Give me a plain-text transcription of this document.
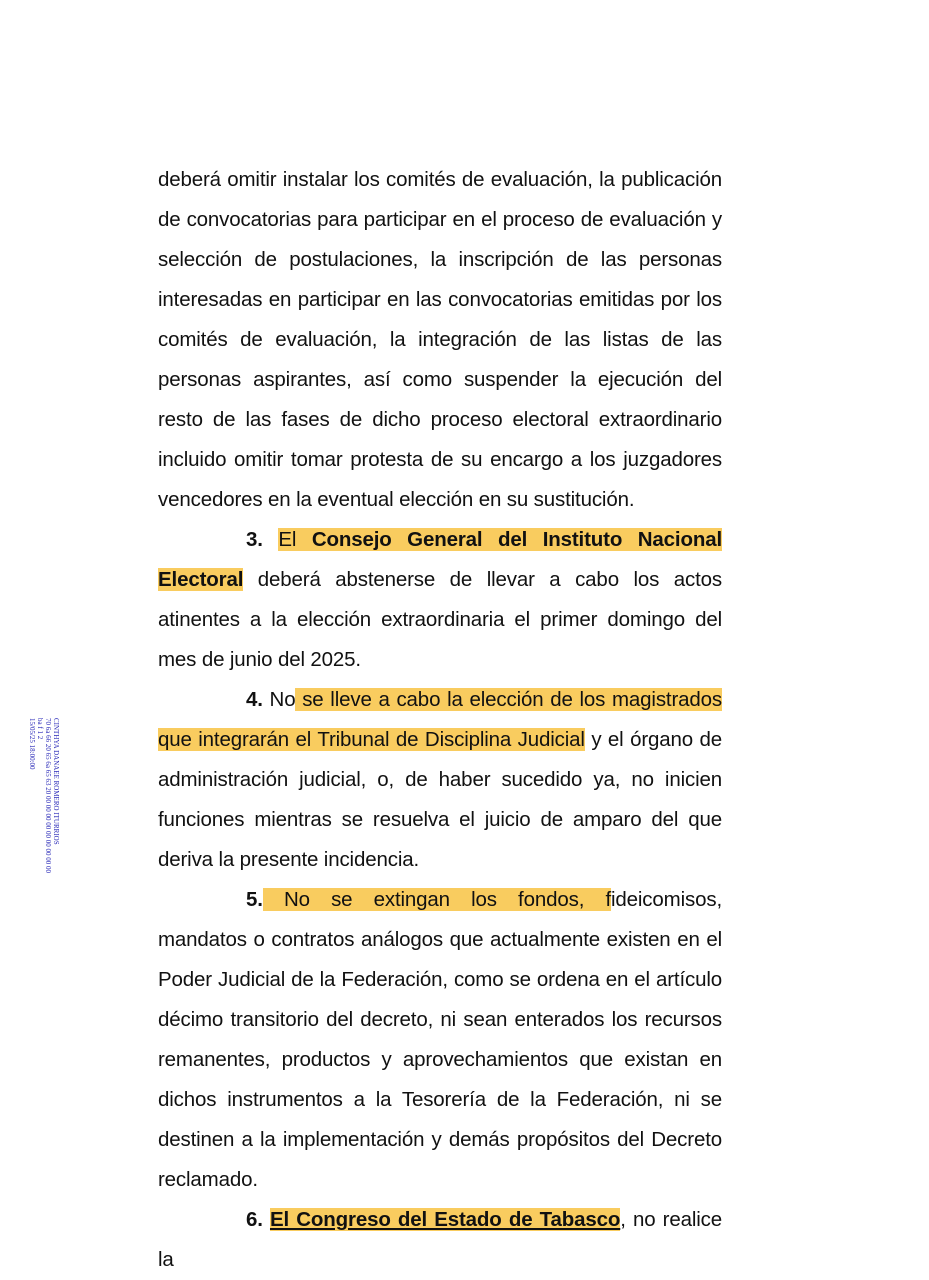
CINTHYA DANAEE ROMERO ITURRIOS
70 6a 66 20 65 6a 65 63 20 00 00 00 00 00 00 00 00 00 ba f 1 2
15/05/25 18:00:00

deberá omitir instalar los comités de evaluación, la publicación de convocatorias para participar en el proceso de evaluación y selección de postulaciones, la inscripción de las personas interesadas en participar en las convocatorias emitidas por los comités de evaluación, la integración de las listas de las personas aspirantes, así como suspender la ejecución del resto de las fases de dicho proceso electoral extraordinario incluido omitir tomar protesta de su encargo a los juzgadores vencedores en la eventual elección en su sustitución.

3. El Consejo General del Instituto Nacional Electoral deberá abstenerse de llevar a cabo los actos atinentes a la elección extraordinaria el primer domingo del mes de junio del 2025.

4. No se lleve a cabo la elección de los magistrados que integrarán el Tribunal de Disciplina Judicial y el órgano de administración judicial, o, de haber sucedido ya, no inicien funciones mientras se resuelva el juicio de amparo del que deriva la presente incidencia.

5. No se extingan los fondos, fideicomisos, mandatos o contratos análogos que actualmente existen en el Poder Judicial de la Federación, como se ordena en el artículo décimo transitorio del decreto, ni sean enterados los recursos remanentes, productos y aprovechamientos que existan en dichos instrumentos a la Tesorería de la Federación, ni se destinen a la implementación y demás propósitos del Decreto reclamado.

6. El Congreso del Estado de Tabasco, no realice la
